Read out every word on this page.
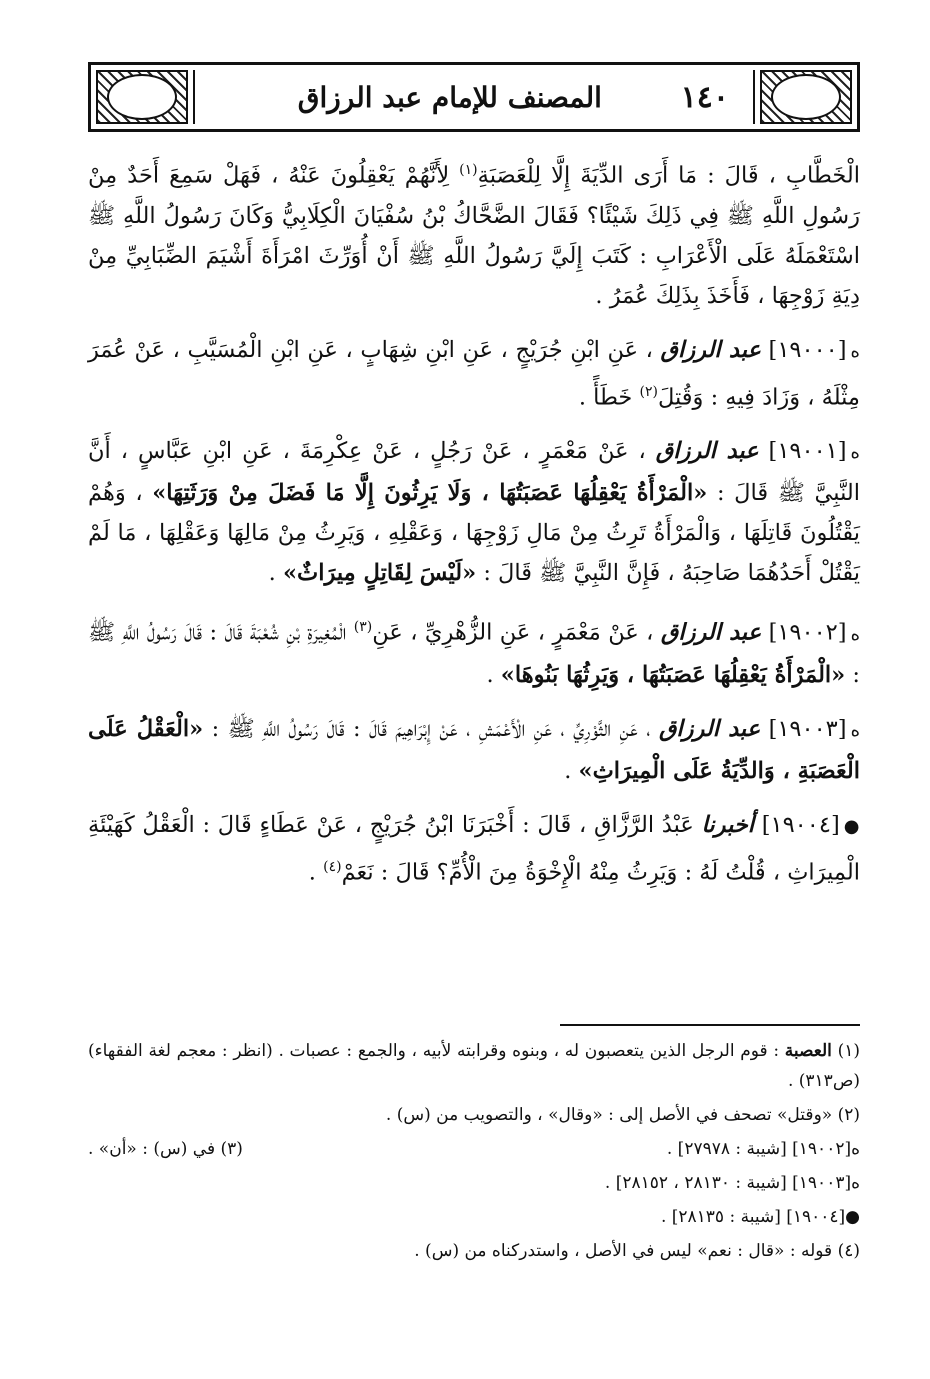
١٤٠
المصنف للإمام عبد الرزاق

الْخَطَّابِ ، قَالَ : مَا أَرَى الدِّيَةَ إِلَّا لِلْعَصَبَةِ$^{(١)}$ لِأَنَّهُمْ يَعْقِلُونَ عَنْهُ ، فَهَلْ سَمِعَ أَحَدٌ مِنْ رَسُولِ اللَّهِ ﷺ فِي ذَلِكَ شَيْئًا؟ فَقَالَ الضَّحَّاكُ بْنُ سُفْيَانَ الْكِلَابِيُّ وَكَانَ رَسُولُ اللَّهِ ﷺ اسْتَعْمَلَهُ عَلَى الْأَعْرَابِ : كَتَبَ إِلَيَّ رَسُولُ اللَّهِ ﷺ أَنْ أُوَرِّثَ امْرَأَةَ أَشْيَمَ الضِّبَابِيِّ مِنْ دِيَةِ زَوْجِهَا ، فَأَخَذَ بِذَلِكَ عُمَرُ .

ه[١٩٠٠٠] عبد الرزاق ، عَنِ ابْنِ جُرَيْجٍ ، عَنِ ابْنِ شِهَابٍ ، عَنِ ابْنِ الْمُسَيَّبِ ، عَنْ عُمَرَ مِثْلَهُ ، وَزَادَ فِيهِ : وَقُتِلَ$^{(٢)}$ خَطَأً .

ه[١٩٠٠١] عبد الرزاق ، عَنْ مَعْمَرٍ ، عَنْ رَجُلٍ ، عَنْ عِكْرِمَةَ ، عَنِ ابْنِ عَبَّاسٍ ، أَنَّ النَّبِيَّ ﷺ قَالَ : «الْمَرْأَةُ يَعْقِلُهَا عَصَبَتُهَا ، وَلَا يَرِثُونَ إِلَّا مَا فَضَلَ مِنْ وَرَثَتِهَا» ، وَهُمْ يَقْتُلُونَ قَاتِلَهَا ، وَالْمَرْأَةُ تَرِثُ مِنْ مَالِ زَوْجِهَا ، وَعَقْلِهِ ، وَيَرِثُ مِنْ مَالِهَا وَعَقْلِهَا ، مَا لَمْ يَقْتُلْ أَحَدُهُمَا صَاحِبَهُ ، فَإِنَّ النَّبِيَّ ﷺ قَالَ : «لَيْسَ لِقَاتِلٍ مِيرَاثٌ» .

ه[١٩٠٠٢] عبد الرزاق ، عَنْ مَعْمَرٍ ، عَنِ الزُّهْرِيِّ ، عَنِ$^{(٣)}$ الْمُغِيرَةِ بْنِ شُعْبَةَ قَالَ : قَالَ رَسُولُ اللَّهِ ﷺ : «الْمَرْأَةُ يَعْقِلُهَا عَصَبَتُهَا ، وَيَرِثُهَا بَنُوهَا» .

ه[١٩٠٠٣] عبد الرزاق ، عَنِ الثَّوْرِيِّ ، عَنِ الْأَعْمَشِ ، عَنْ إِبْرَاهِيمَ قَالَ : قَالَ رَسُولُ اللَّهِ ﷺ : «الْعَقْلُ عَلَى الْعَصَبَةِ ، وَالدِّيَةُ عَلَى الْمِيرَاثِ» .

●[١٩٠٠٤] أخبرنا عَبْدُ الرَّزَّاقِ ، قَالَ : أَخْبَرَنَا ابْنُ جُرَيْجٍ ، عَنْ عَطَاءٍ قَالَ : الْعَقْلُ كَهَيْئَةِ الْمِيرَاثِ ، قُلْتُ لَهُ : وَيَرِثُ مِنْهُ الْإِخْوَةُ مِنَ الْأُمِّ؟ قَالَ : نَعَمْ$^{(٤)}$ .

(١) العصبة : قوم الرجل الذين يتعصبون له ، وبنوه وقرابته لأبيه ، والجمع : عصبات . (انظر : معجم لغة الفقهاء) (ص٣١٣) .

(٢) «وقتل» تصحف في الأصل إلى : «وقال» ، والتصويب من (س) .

ه[١٩٠٠٢] [شيبة : ٢٧٩٧٨] .
(٣) في (س) : «أن» .

ه[١٩٠٠٣] [شيبة : ٢٨١٣٠ ، ٢٨١٥٢] .

●[١٩٠٠٤] [شيبة : ٢٨١٣٥] .

(٤) قوله : «قال : نعم» ليس في الأصل ، واستدركناه من (س) .
